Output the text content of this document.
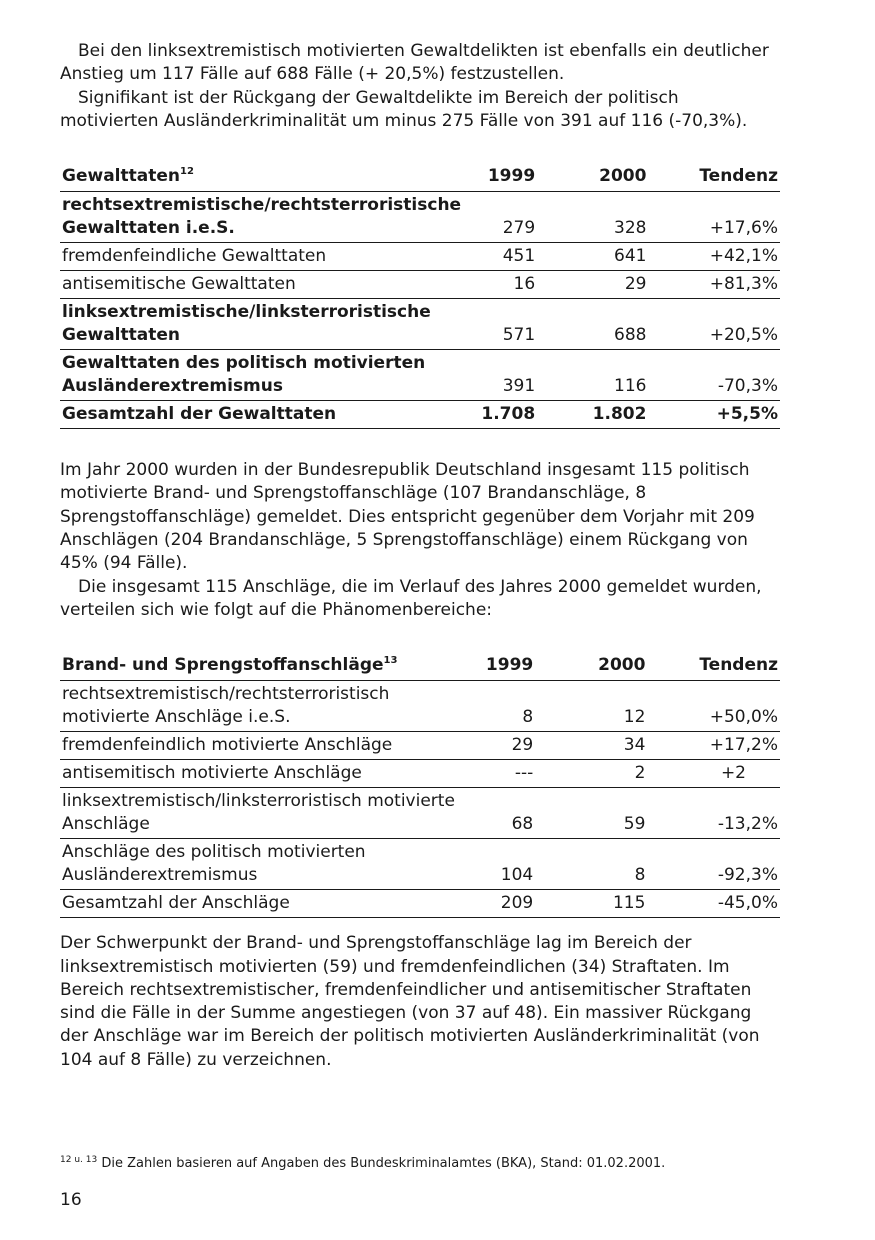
Bei den linksextremistisch motivierten Gewaltdelikten ist ebenfalls ein deutlicher Anstieg um 117 Fälle auf 688 Fälle (+ 20,5%) festzustellen.

Signifikant ist der Rückgang der Gewaltdelikte im Bereich der politisch motivierten Ausländerkriminalität um minus 275 Fälle von 391 auf 116 (-70,3%).

Gewalttaten$^{12}$	1999	2000	Tendenz
rechtsextremistische/rechtsterroristische
Gewalttaten i.e.S.	279	328	+17,6%
fremdenfeindliche Gewalttaten	451	641	+42,1%
antisemitische Gewalttaten	16	29	+81,3%
linksextremistische/linksterroristische
Gewalttaten	571	688	+20,5%
Gewalttaten des politisch motivierten
Ausländerextremismus	391	116	-70,3%
Gesamtzahl der Gewalttaten	1.708	1.802	+5,5%

Im Jahr 2000 wurden in der Bundesrepublik Deutschland insgesamt 115 politisch motivierte Brand- und Sprengstoffanschläge (107 Brandanschläge, 8 Sprengstoffanschläge) gemeldet. Dies entspricht gegenüber dem Vorjahr mit 209 Anschlägen (204 Brandanschläge, 5 Sprengstoffanschläge) einem Rückgang von 45% (94 Fälle).

Die insgesamt 115 Anschläge, die im Verlauf des Jahres 2000 gemeldet wurden, verteilen sich wie folgt auf die Phänomenbereiche:

Brand- und Sprengstoffanschläge$^{13}$	1999	2000	Tendenz
rechtsextremistisch/rechtsterroristisch
motivierte Anschläge i.e.S.	8	12	+50,0%
fremdenfeindlich motivierte Anschläge	29	34	+17,2%
antisemitisch motivierte Anschläge	---	2	+2
linksextremistisch/linksterroristisch motivierte
Anschläge	68	59	-13,2%
Anschläge des politisch motivierten
Ausländerextremismus	104	8	-92,3%
Gesamtzahl der Anschläge	209	115	-45,0%

Der Schwerpunkt der Brand- und Sprengstoffanschläge lag im Bereich der linksextremistisch motivierten (59) und fremdenfeindlichen (34) Straftaten. Im Bereich rechtsextremistischer, fremdenfeindlicher und antisemitischer Straftaten sind die Fälle in der Summe angestiegen (von 37 auf 48). Ein massiver Rückgang der Anschläge war im Bereich der politisch motivierten Ausländerkriminalität (von 104 auf 8 Fälle) zu verzeichnen.

$^{12 u. 13}$ Die Zahlen basieren auf Angaben des Bundeskriminalamtes (BKA), Stand: 01.02.2001.
16
